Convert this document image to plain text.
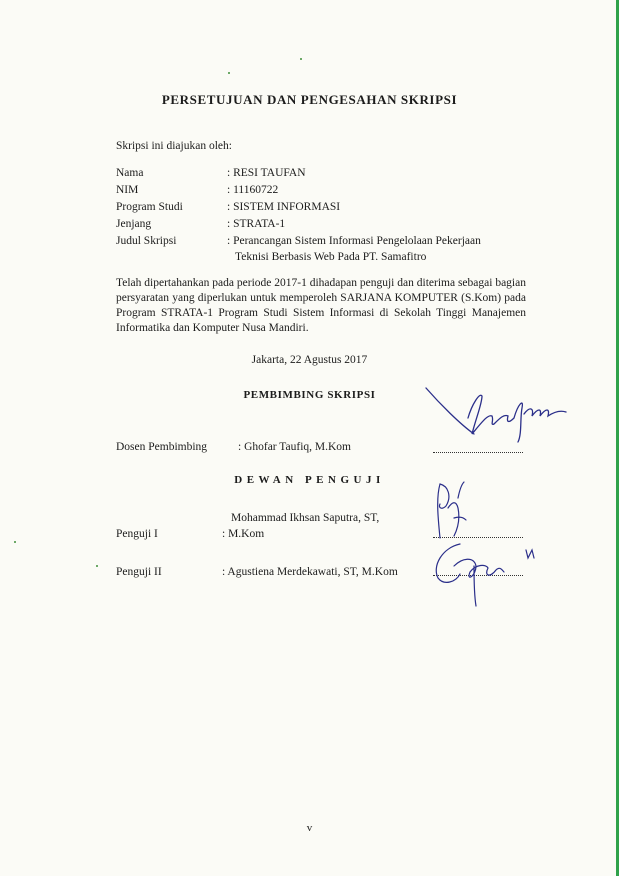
PERSETUJUAN DAN PENGESAHAN SKRIPSI
Skripsi ini diajukan oleh:
Nama	: RESI TAUFAN
NIM	: 11160722
Program Studi	: SISTEM INFORMASI
Jenjang	: STRATA-1
Judul Skripsi	: Perancangan Sistem Informasi Pengelolaan Pekerjaan
Teknisi Berbasis Web Pada PT. Samafitro
Telah dipertahankan pada periode 2017-1 dihadapan penguji dan diterima sebagai bagian persyaratan yang diperlukan untuk memperoleh SARJANA KOMPUTER (S.Kom) pada Program STRATA-1 Program Studi Sistem Informasi di Sekolah Tinggi Manajemen Informatika dan Komputer Nusa Mandiri.
Jakarta, 22 Agustus 2017
PEMBIMBING SKRIPSI
Dosen Pembimbing	: Ghofar Taufiq, M.Kom
DEWAN PENGUJI
Mohammad Ikhsan Saputra, ST,
Penguji I	: M.Kom
Penguji II	: Agustiena Merdekawati, ST, M.Kom
v
